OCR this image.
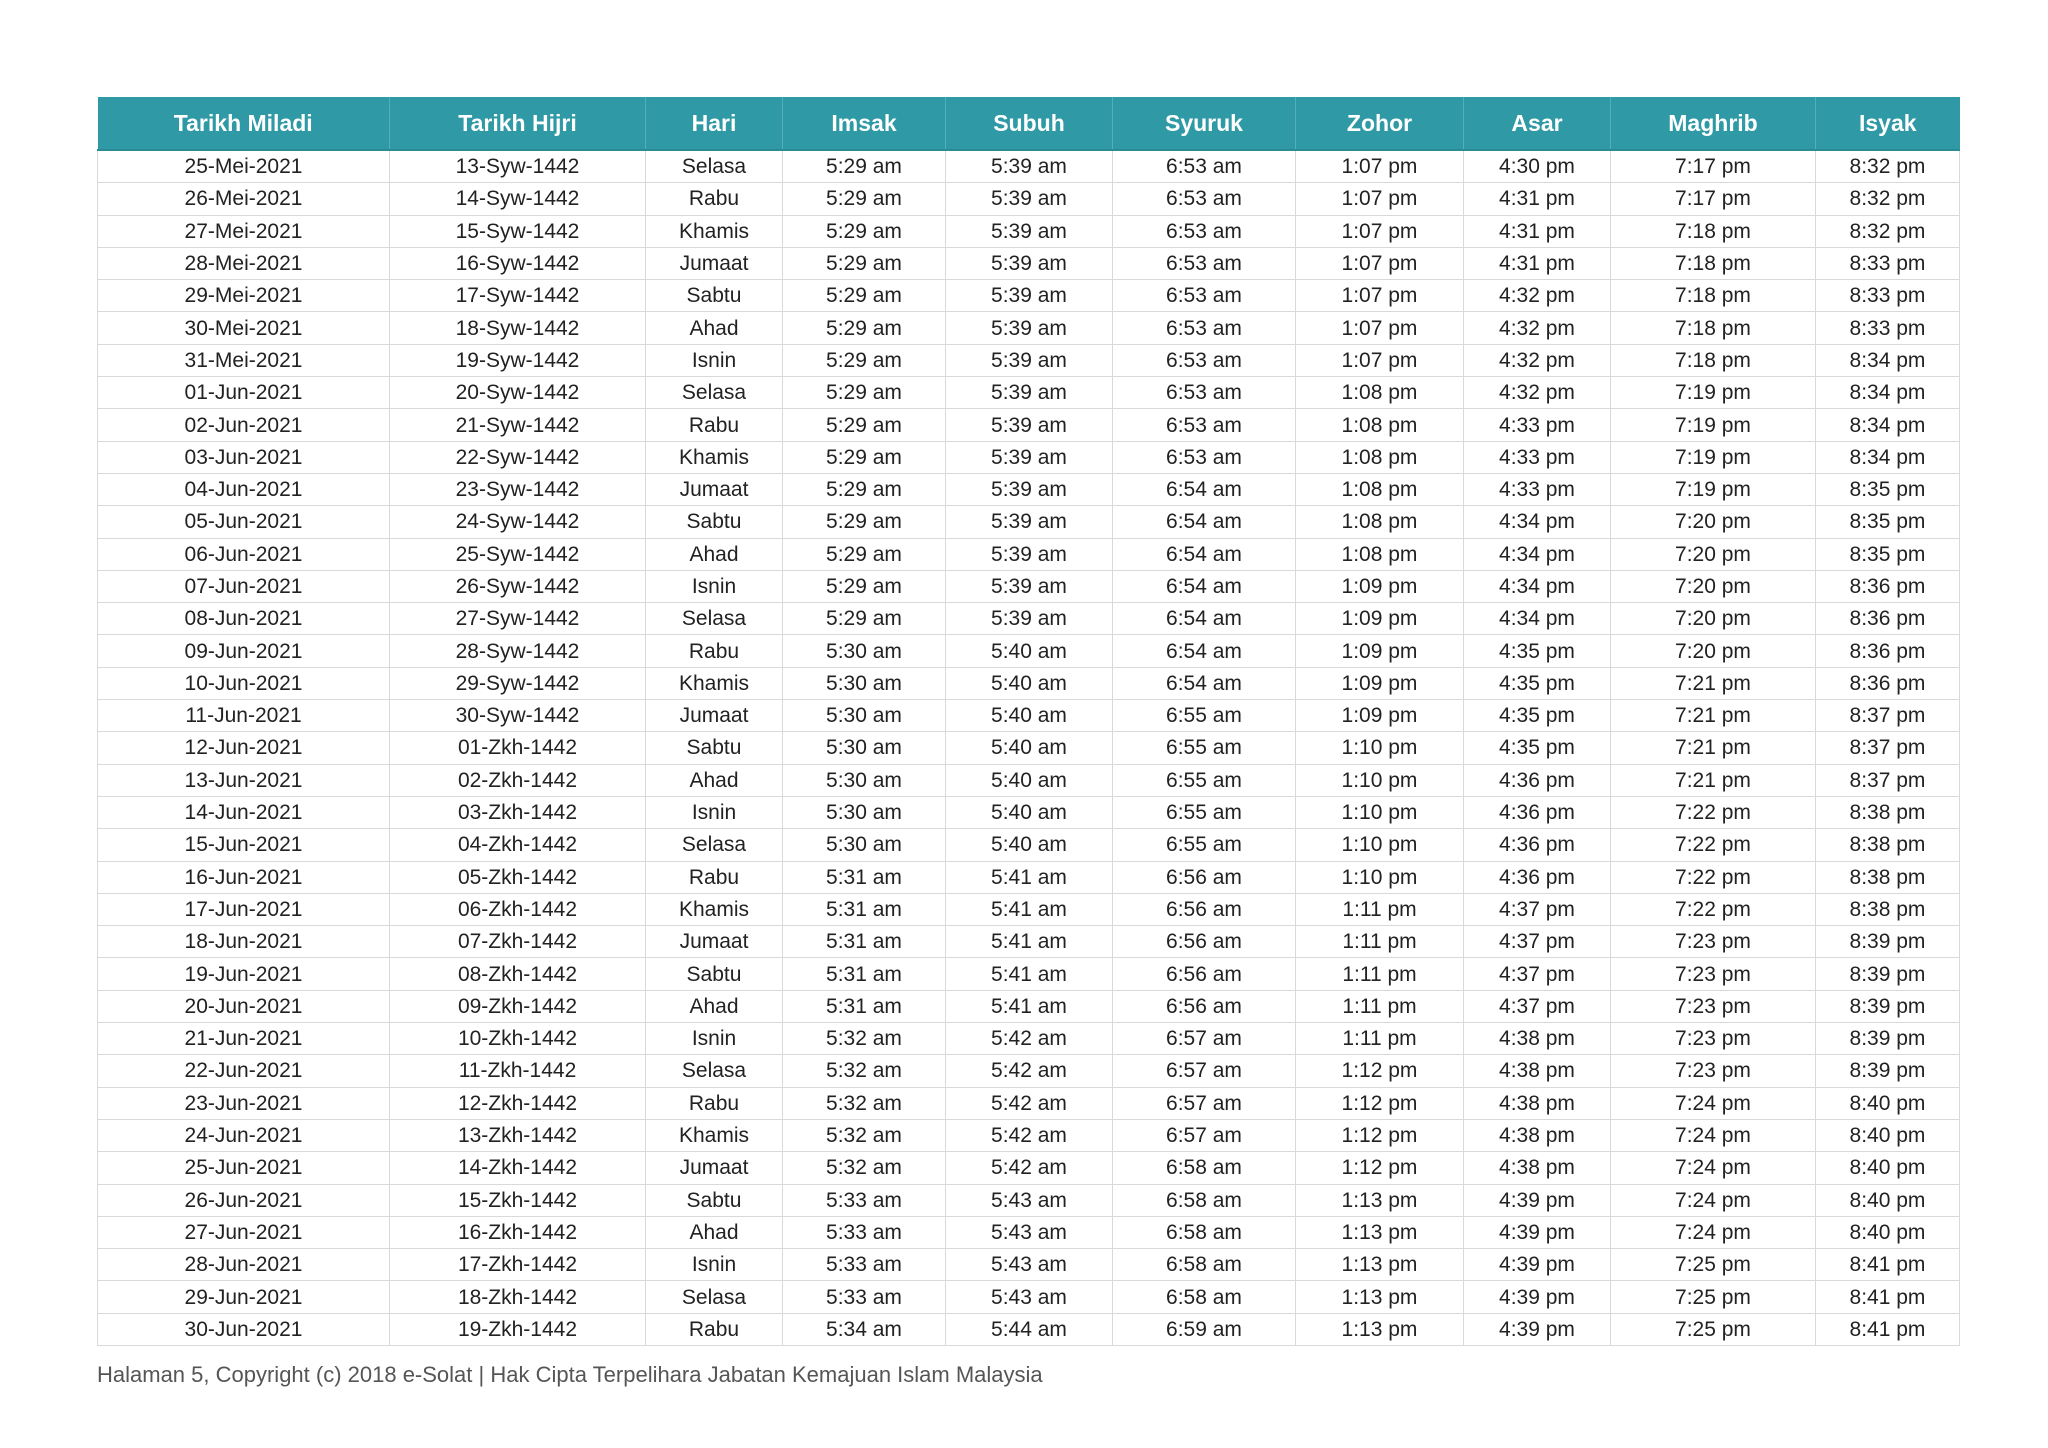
Tarikh Miladi	Tarikh Hijri	Hari	Imsak	Subuh	Syuruk	Zohor	Asar	Maghrib	Isyak
25-Mei-2021	13-Syw-1442	Selasa	5:29 am	5:39 am	6:53 am	1:07 pm	4:30 pm	7:17 pm	8:32 pm
26-Mei-2021	14-Syw-1442	Rabu	5:29 am	5:39 am	6:53 am	1:07 pm	4:31 pm	7:17 pm	8:32 pm
27-Mei-2021	15-Syw-1442	Khamis	5:29 am	5:39 am	6:53 am	1:07 pm	4:31 pm	7:18 pm	8:32 pm
28-Mei-2021	16-Syw-1442	Jumaat	5:29 am	5:39 am	6:53 am	1:07 pm	4:31 pm	7:18 pm	8:33 pm
29-Mei-2021	17-Syw-1442	Sabtu	5:29 am	5:39 am	6:53 am	1:07 pm	4:32 pm	7:18 pm	8:33 pm
30-Mei-2021	18-Syw-1442	Ahad	5:29 am	5:39 am	6:53 am	1:07 pm	4:32 pm	7:18 pm	8:33 pm
31-Mei-2021	19-Syw-1442	Isnin	5:29 am	5:39 am	6:53 am	1:07 pm	4:32 pm	7:18 pm	8:34 pm
01-Jun-2021	20-Syw-1442	Selasa	5:29 am	5:39 am	6:53 am	1:08 pm	4:32 pm	7:19 pm	8:34 pm
02-Jun-2021	21-Syw-1442	Rabu	5:29 am	5:39 am	6:53 am	1:08 pm	4:33 pm	7:19 pm	8:34 pm
03-Jun-2021	22-Syw-1442	Khamis	5:29 am	5:39 am	6:53 am	1:08 pm	4:33 pm	7:19 pm	8:34 pm
04-Jun-2021	23-Syw-1442	Jumaat	5:29 am	5:39 am	6:54 am	1:08 pm	4:33 pm	7:19 pm	8:35 pm
05-Jun-2021	24-Syw-1442	Sabtu	5:29 am	5:39 am	6:54 am	1:08 pm	4:34 pm	7:20 pm	8:35 pm
06-Jun-2021	25-Syw-1442	Ahad	5:29 am	5:39 am	6:54 am	1:08 pm	4:34 pm	7:20 pm	8:35 pm
07-Jun-2021	26-Syw-1442	Isnin	5:29 am	5:39 am	6:54 am	1:09 pm	4:34 pm	7:20 pm	8:36 pm
08-Jun-2021	27-Syw-1442	Selasa	5:29 am	5:39 am	6:54 am	1:09 pm	4:34 pm	7:20 pm	8:36 pm
09-Jun-2021	28-Syw-1442	Rabu	5:30 am	5:40 am	6:54 am	1:09 pm	4:35 pm	7:20 pm	8:36 pm
10-Jun-2021	29-Syw-1442	Khamis	5:30 am	5:40 am	6:54 am	1:09 pm	4:35 pm	7:21 pm	8:36 pm
11-Jun-2021	30-Syw-1442	Jumaat	5:30 am	5:40 am	6:55 am	1:09 pm	4:35 pm	7:21 pm	8:37 pm
12-Jun-2021	01-Zkh-1442	Sabtu	5:30 am	5:40 am	6:55 am	1:10 pm	4:35 pm	7:21 pm	8:37 pm
13-Jun-2021	02-Zkh-1442	Ahad	5:30 am	5:40 am	6:55 am	1:10 pm	4:36 pm	7:21 pm	8:37 pm
14-Jun-2021	03-Zkh-1442	Isnin	5:30 am	5:40 am	6:55 am	1:10 pm	4:36 pm	7:22 pm	8:38 pm
15-Jun-2021	04-Zkh-1442	Selasa	5:30 am	5:40 am	6:55 am	1:10 pm	4:36 pm	7:22 pm	8:38 pm
16-Jun-2021	05-Zkh-1442	Rabu	5:31 am	5:41 am	6:56 am	1:10 pm	4:36 pm	7:22 pm	8:38 pm
17-Jun-2021	06-Zkh-1442	Khamis	5:31 am	5:41 am	6:56 am	1:11 pm	4:37 pm	7:22 pm	8:38 pm
18-Jun-2021	07-Zkh-1442	Jumaat	5:31 am	5:41 am	6:56 am	1:11 pm	4:37 pm	7:23 pm	8:39 pm
19-Jun-2021	08-Zkh-1442	Sabtu	5:31 am	5:41 am	6:56 am	1:11 pm	4:37 pm	7:23 pm	8:39 pm
20-Jun-2021	09-Zkh-1442	Ahad	5:31 am	5:41 am	6:56 am	1:11 pm	4:37 pm	7:23 pm	8:39 pm
21-Jun-2021	10-Zkh-1442	Isnin	5:32 am	5:42 am	6:57 am	1:11 pm	4:38 pm	7:23 pm	8:39 pm
22-Jun-2021	11-Zkh-1442	Selasa	5:32 am	5:42 am	6:57 am	1:12 pm	4:38 pm	7:23 pm	8:39 pm
23-Jun-2021	12-Zkh-1442	Rabu	5:32 am	5:42 am	6:57 am	1:12 pm	4:38 pm	7:24 pm	8:40 pm
24-Jun-2021	13-Zkh-1442	Khamis	5:32 am	5:42 am	6:57 am	1:12 pm	4:38 pm	7:24 pm	8:40 pm
25-Jun-2021	14-Zkh-1442	Jumaat	5:32 am	5:42 am	6:58 am	1:12 pm	4:38 pm	7:24 pm	8:40 pm
26-Jun-2021	15-Zkh-1442	Sabtu	5:33 am	5:43 am	6:58 am	1:13 pm	4:39 pm	7:24 pm	8:40 pm
27-Jun-2021	16-Zkh-1442	Ahad	5:33 am	5:43 am	6:58 am	1:13 pm	4:39 pm	7:24 pm	8:40 pm
28-Jun-2021	17-Zkh-1442	Isnin	5:33 am	5:43 am	6:58 am	1:13 pm	4:39 pm	7:25 pm	8:41 pm
29-Jun-2021	18-Zkh-1442	Selasa	5:33 am	5:43 am	6:58 am	1:13 pm	4:39 pm	7:25 pm	8:41 pm
30-Jun-2021	19-Zkh-1442	Rabu	5:34 am	5:44 am	6:59 am	1:13 pm	4:39 pm	7:25 pm	8:41 pm
Halaman 5, Copyright (c) 2018 e-Solat | Hak Cipta Terpelihara Jabatan Kemajuan Islam Malaysia
